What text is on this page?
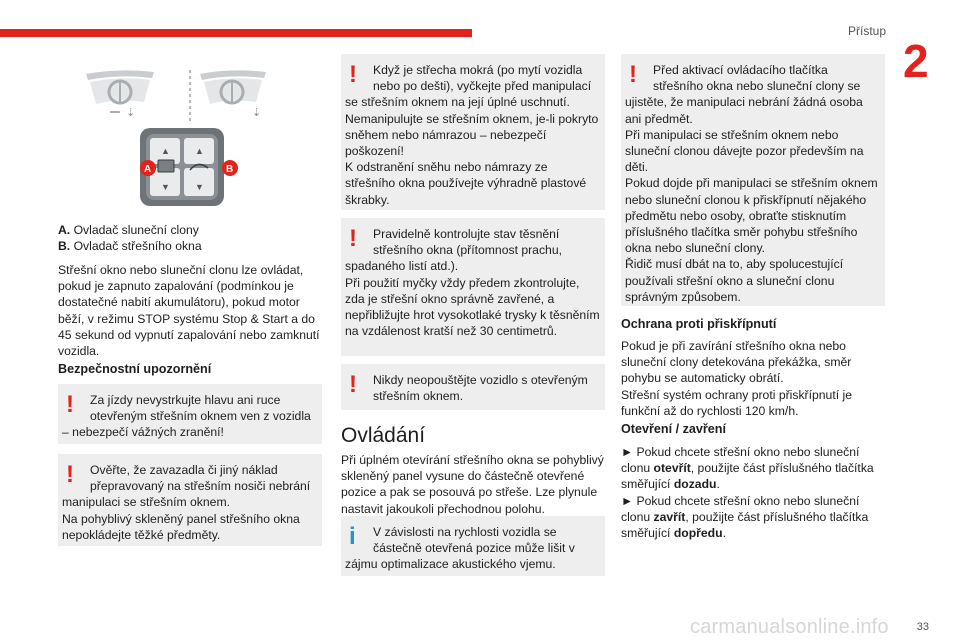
Přístup
2
⇣	⇣
▲	▲
▼	▼
A	B

A. Ovladač sluneční clony

B. Ovladač střešního okna

Střešní okno nebo sluneční clonu lze ovládat, pokud je zapnuto zapalování (podmínkou je dostatečné nabití akumulátoru), pokud motor běží, v režimu STOP systému Stop & Start a do 45 sekund od vypnutí zapalování nebo zamknutí vozidla.

Bezpečnostní upozornění

!	Za jízdy nevystrkujte hlavu ani ruce otevřeným střešním oknem ven z vozidla
– nebezpečí vážných zranění!

!	Ověřte, že zavazadla či jiný náklad přepravovaný na střešním nosiči nebrání
manipulaci se střešním oknem.
Na pohyblivý skleněný panel střešního okna nepokládejte těžké předměty.

!	Když je střecha mokrá (po mytí vozidla nebo po dešti), vyčkejte před manipulací
se střešním oknem na její úplné uschnutí. Nemanipulujte se střešním oknem, je-li pokryto sněhem nebo námrazou – nebezpečí poškození!
K odstranění sněhu nebo námrazy ze střešního okna používejte výhradně plastové škrabky.

!	Pravidelně kontrolujte stav těsnění střešního okna (přítomnost prachu,
spadaného listí atd.).
Při použití myčky vždy předem zkontrolujte, zda je střešní okno správně zavřené, a nepřibližujte hrot vysokotlaké trysky k těsněním na vzdálenost kratší než 30 centimetrů.

!	Nikdy neopouštějte vozidlo s otevřeným střešním oknem.

Ovládání

Při úplném otevírání střešního okna se pohyblivý skleněný panel vysune do částečně otevřené pozice a pak se posouvá po střeše. Lze plynule nastavit jakoukoli přechodnou polohu.

i	V závislosti na rychlosti vozidla se částečně otevřená pozice může lišit v
zájmu optimalizace akustického vjemu.

!	Před aktivací ovládacího tlačítka střešního okna nebo sluneční clony se
ujistěte, že manipulaci nebrání žádná osoba ani předmět.
Při manipulaci se střešním oknem nebo sluneční clonou dávejte pozor především na děti.
Pokud dojde při manipulaci se střešním oknem nebo sluneční clonou k přiskřípnutí nějakého předmětu nebo osoby, obraťte stisknutím příslušného tlačítka směr pohybu střešního okna nebo sluneční clony.
Řidič musí dbát na to, aby spolucestující používali střešní okno a sluneční clonu správným způsobem.

Ochrana proti přiskřípnutí

Pokud je při zavírání střešního okna nebo sluneční clony detekována překážka, směr pohybu se automaticky obrátí.

Střešní systém ochrany proti přiskřípnutí je funkční až do rychlosti 120 km/h.

Otevření / zavření

► Pokud chcete střešní okno nebo sluneční clonu otevřít, použijte část příslušného tlačítka směřující dozadu.

► Pokud chcete střešní okno nebo sluneční clonu zavřít, použijte část příslušného tlačítka směřující dopředu.

carmanualsonline.info	33
